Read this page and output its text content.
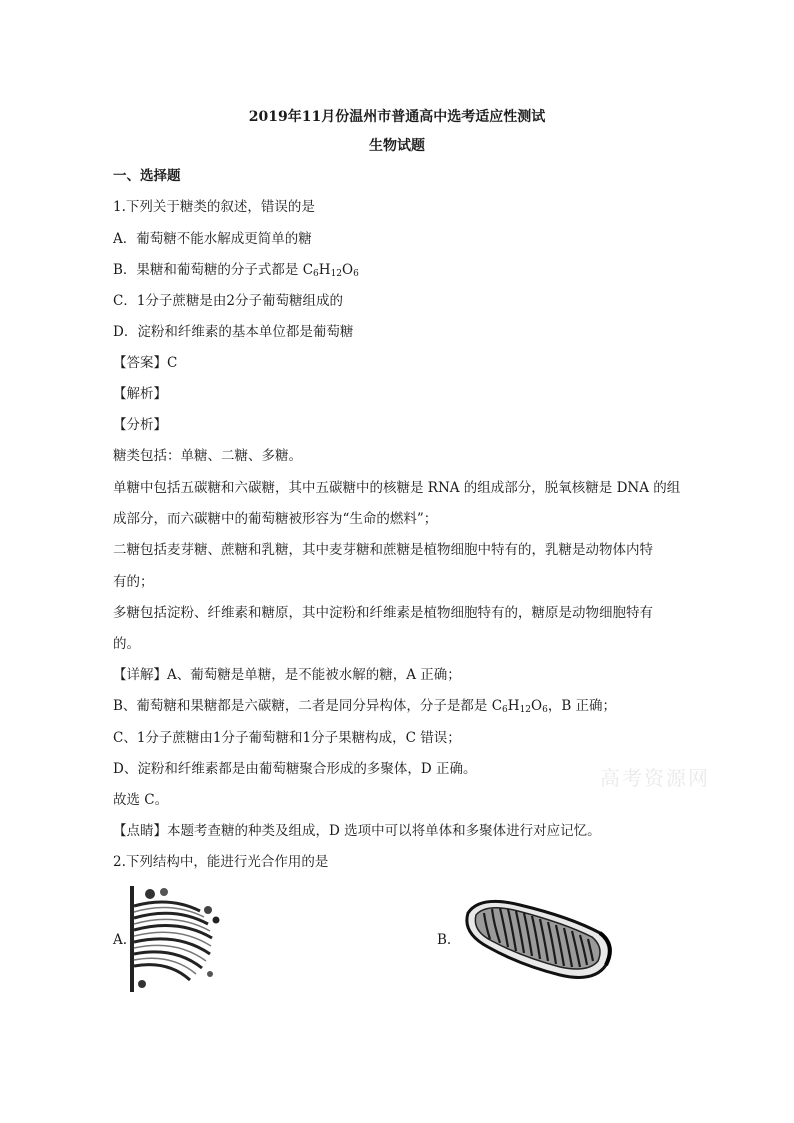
2019年11月份温州市普通高中选考适应性测试
生物试题
一、选择题
1.下列关于糖类的叙述，错误的是
A．葡萄糖不能水解成更简单的糖
B．果糖和葡萄糖的分子式都是 $C_6H_{12}O_6$
C．1分子蔗糖是由2分子葡萄糖组成的
D．淀粉和纤维素的基本单位都是葡萄糖
【答案】C
【解析】
【分析】
糖类包括：单糖、二糖、多糖。
单糖中包括五碳糖和六碳糖，其中五碳糖中的核糖是 RNA 的组成部分，脱氧核糖是 DNA 的组
成部分，而六碳糖中的葡萄糖被形容为“生命的燃料”；
二糖包括麦芽糖、蔗糖和乳糖，其中麦芽糖和蔗糖是植物细胞中特有的，乳糖是动物体内特
有的；
多糖包括淀粉、纤维素和糖原，其中淀粉和纤维素是植物细胞特有的，糖原是动物细胞特有
的。
【详解】A、葡萄糖是单糖，是不能被水解的糖，A 正确；
B、葡萄糖和果糖都是六碳糖，二者是同分异构体，分子是都是 $C_6H_{12}O_6$，B 正确；
C、1分子蔗糖由1分子葡萄糖和1分子果糖构成，C 错误；
D、淀粉和纤维素都是由葡萄糖聚合形成的多聚体，D 正确。
故选 C。
【点睛】本题考查糖的种类及组成，D 选项中可以将单体和多聚体进行对应记忆。
高考资源网
2.下列结构中，能进行光合作用的是
A.	B.
